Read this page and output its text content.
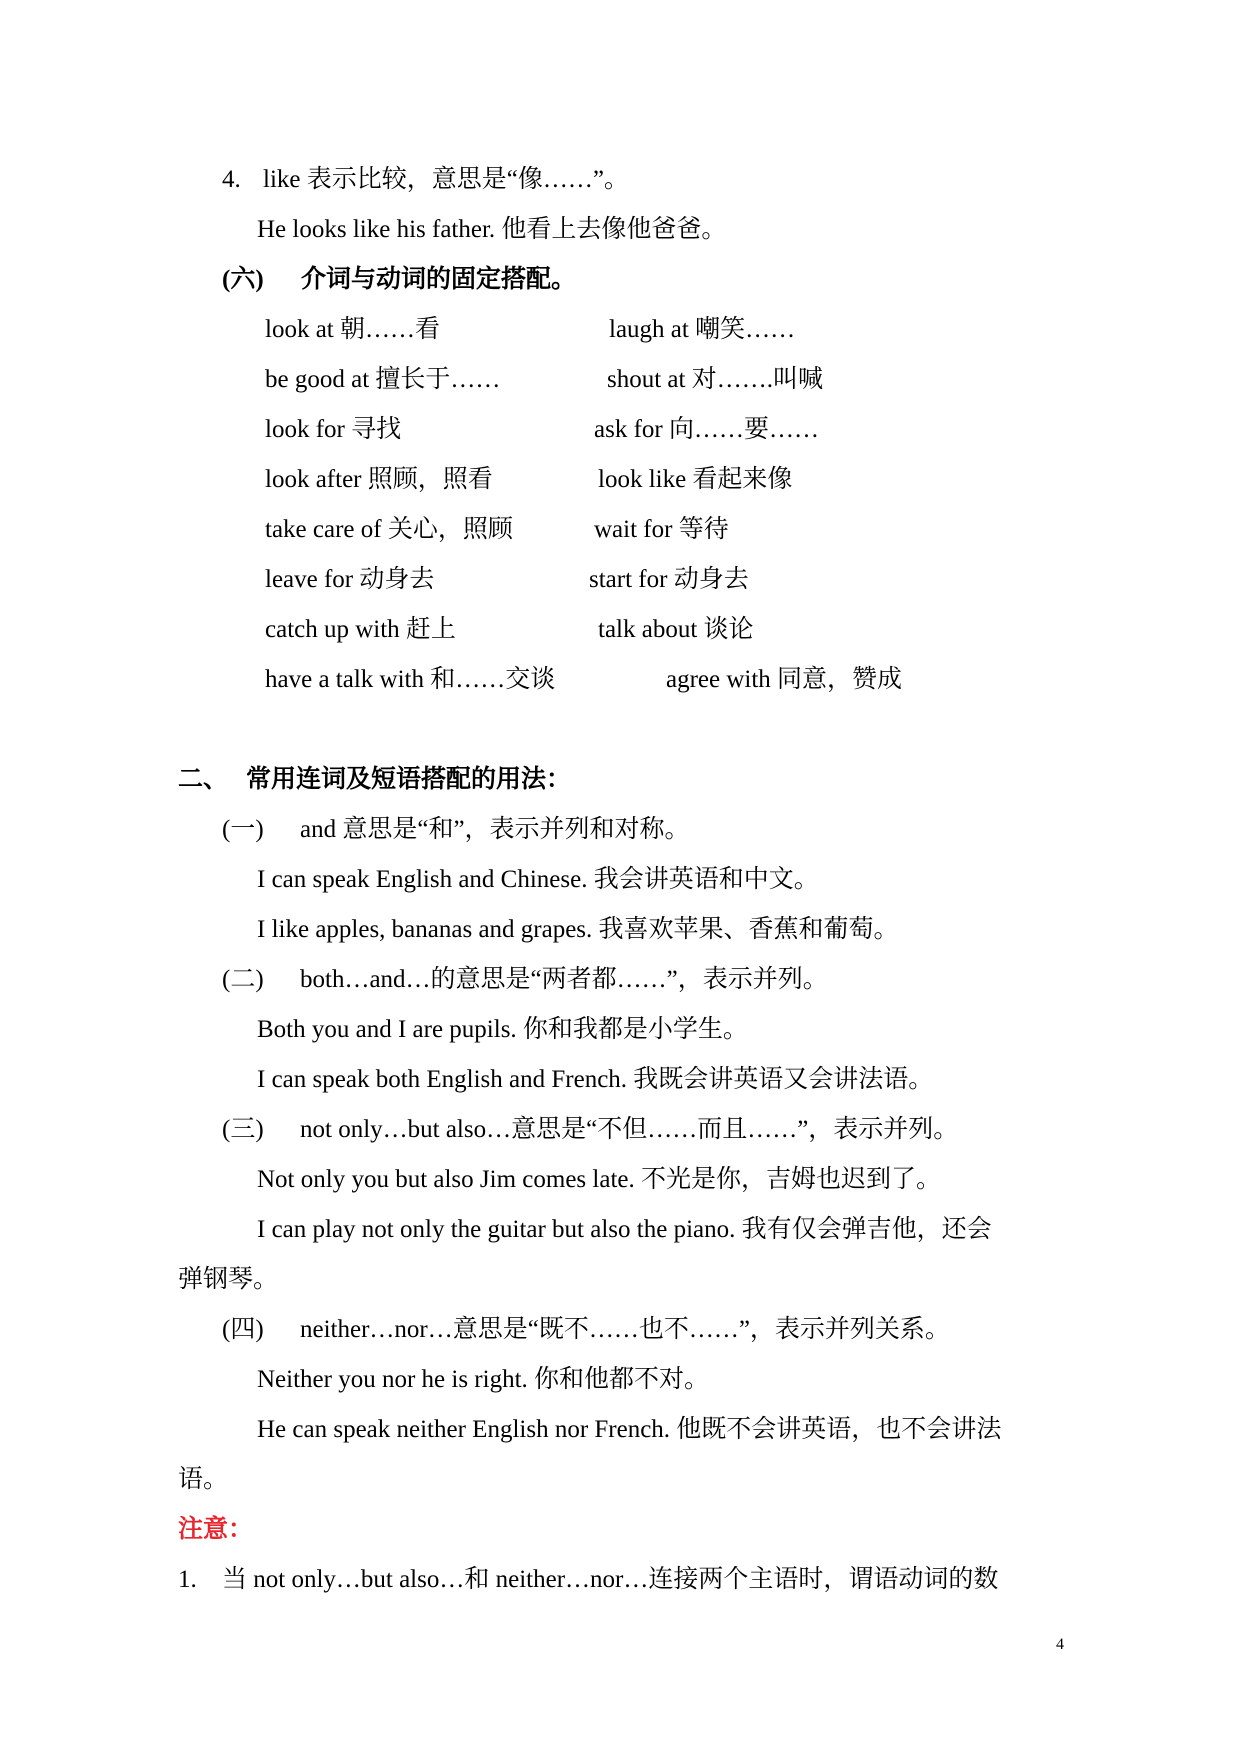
4. like 表示比较，意思是“像……”。
He looks like his father. 他看上去像他爸爸。
(六) 介词与动词的固定搭配。
look at 朝……看	laugh at 嘲笑……
be good at 擅长于……	shout at 对…….叫喊
look for 寻找	ask for 向……要……
look after 照顾，照看	look like 看起来像
take care of 关心，照顾	wait for 等待
leave for 动身去	start for 动身去
catch up with 赶上	talk about 谈论
have a talk with 和……交谈	agree with 同意，赞成
二、 常用连词及短语搭配的用法：
(一) and 意思是“和”，表示并列和对称。
I can speak English and Chinese. 我会讲英语和中文。
I like apples, bananas and grapes. 我喜欢苹果、香蕉和葡萄。
(二) both…and…的意思是“两者都……”，表示并列。
Both you and I are pupils. 你和我都是小学生。
I can speak both English and French. 我既会讲英语又会讲法语。
(三) not only…but also…意思是“不但……而且……”，表示并列。
Not only you but also Jim comes late. 不光是你，吉姆也迟到了。
I can play not only the guitar but also the piano. 我有仅会弹吉他，还会
弹钢琴。
(四) neither…nor…意思是“既不……也不……”，表示并列关系。
Neither you nor he is right. 你和他都不对。
He can speak neither English nor French. 他既不会讲英语，也不会讲法
语。
注意：
1. 当 not only…but also…和 neither…nor…连接两个主语时，谓语动词的数
4
